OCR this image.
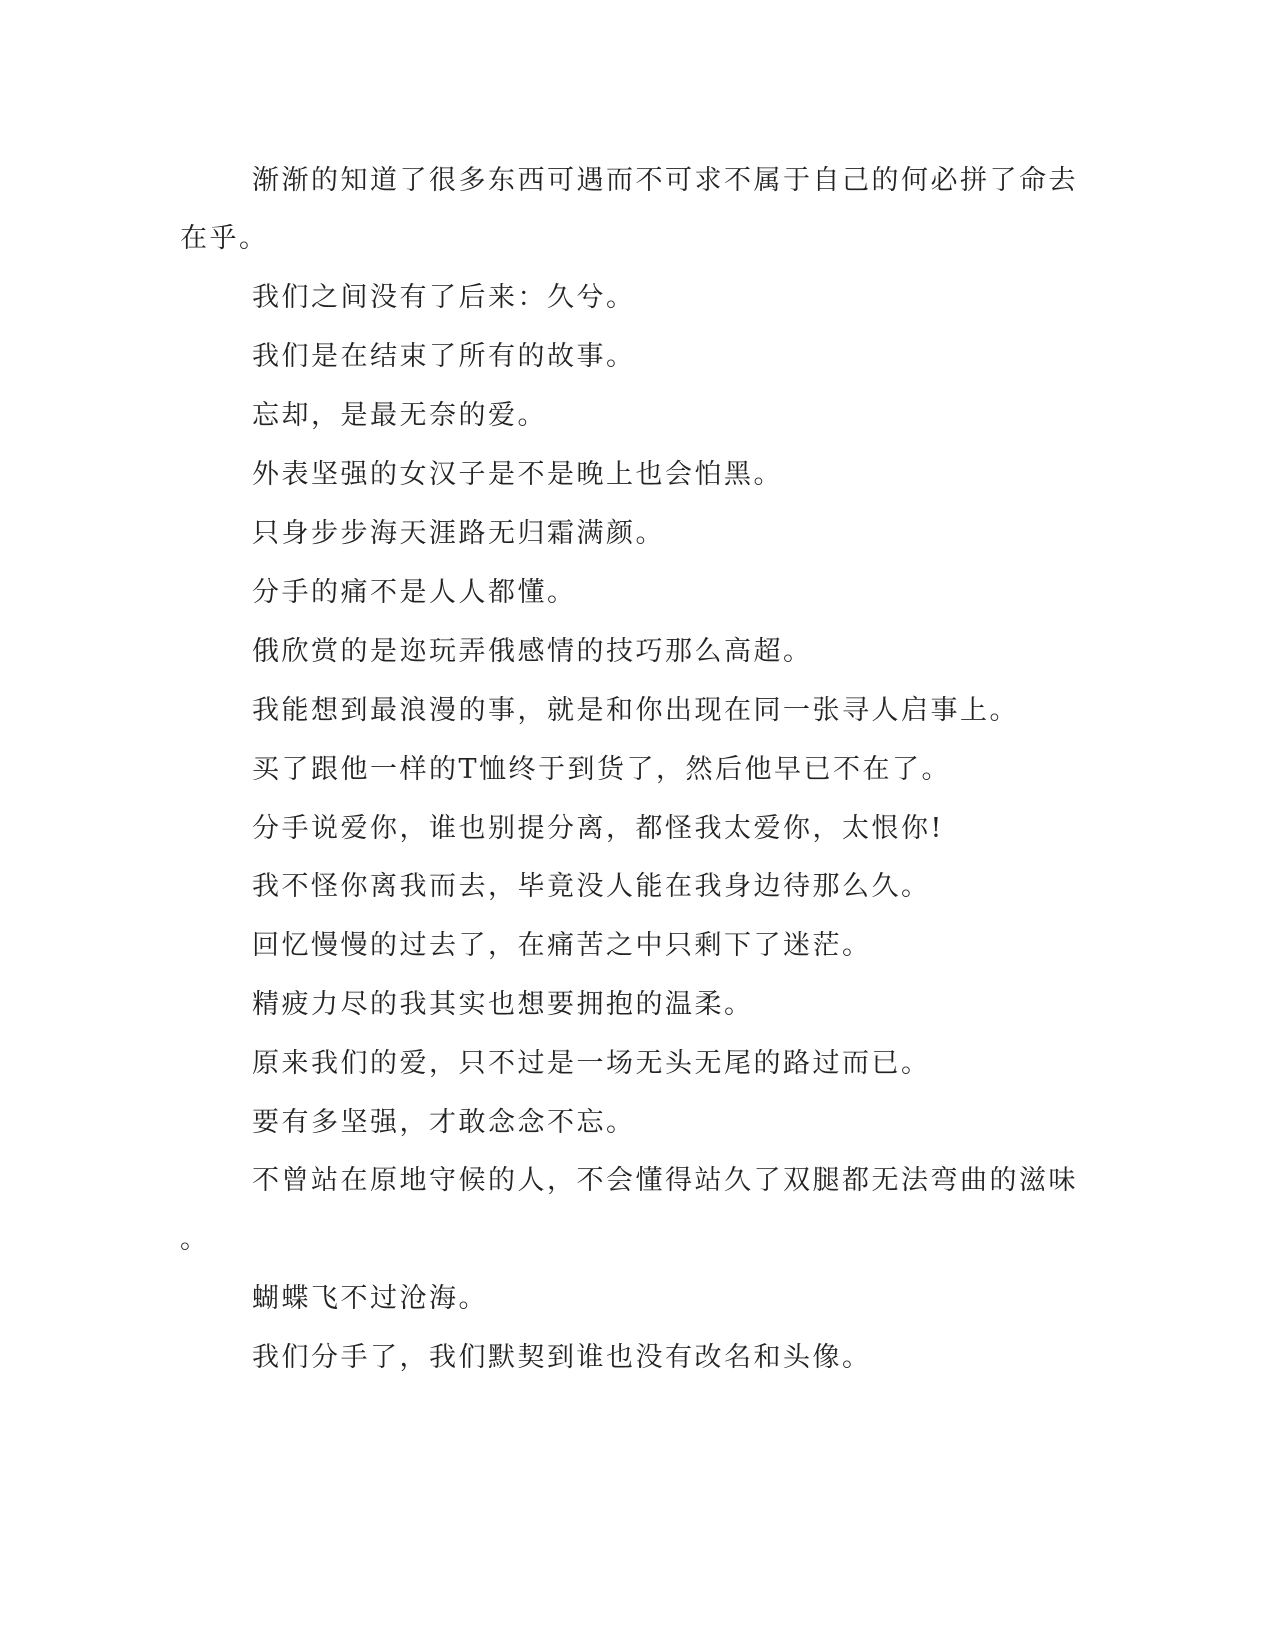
渐渐的知道了很多东西可遇而不可求不属于自己的何必拼了命去
在乎。
我们之间没有了后来：久兮。
我们是在结束了所有的故事。
忘却，是最无奈的爱。
外表坚强的女汉子是不是晚上也会怕黑。
只身步步海天涯路无归霜满颜。
分手的痛不是人人都懂。
俄欣赏的是迩玩弄俄感情的技巧那么高超。
我能想到最浪漫的事，就是和你出现在同一张寻人启事上。
买了跟他一样的T恤终于到货了，然后他早已不在了。
分手说爱你，谁也别提分离，都怪我太爱你，太恨你!
我不怪你离我而去，毕竟没人能在我身边待那么久。
回忆慢慢的过去了，在痛苦之中只剩下了迷茫。
精疲力尽的我其实也想要拥抱的温柔。
原来我们的爱，只不过是一场无头无尾的路过而已。
要有多坚强，才敢念念不忘。
不曾站在原地守候的人，不会懂得站久了双腿都无法弯曲的滋味
。
蝴蝶飞不过沧海。
我们分手了，我们默契到谁也没有改名和头像。
